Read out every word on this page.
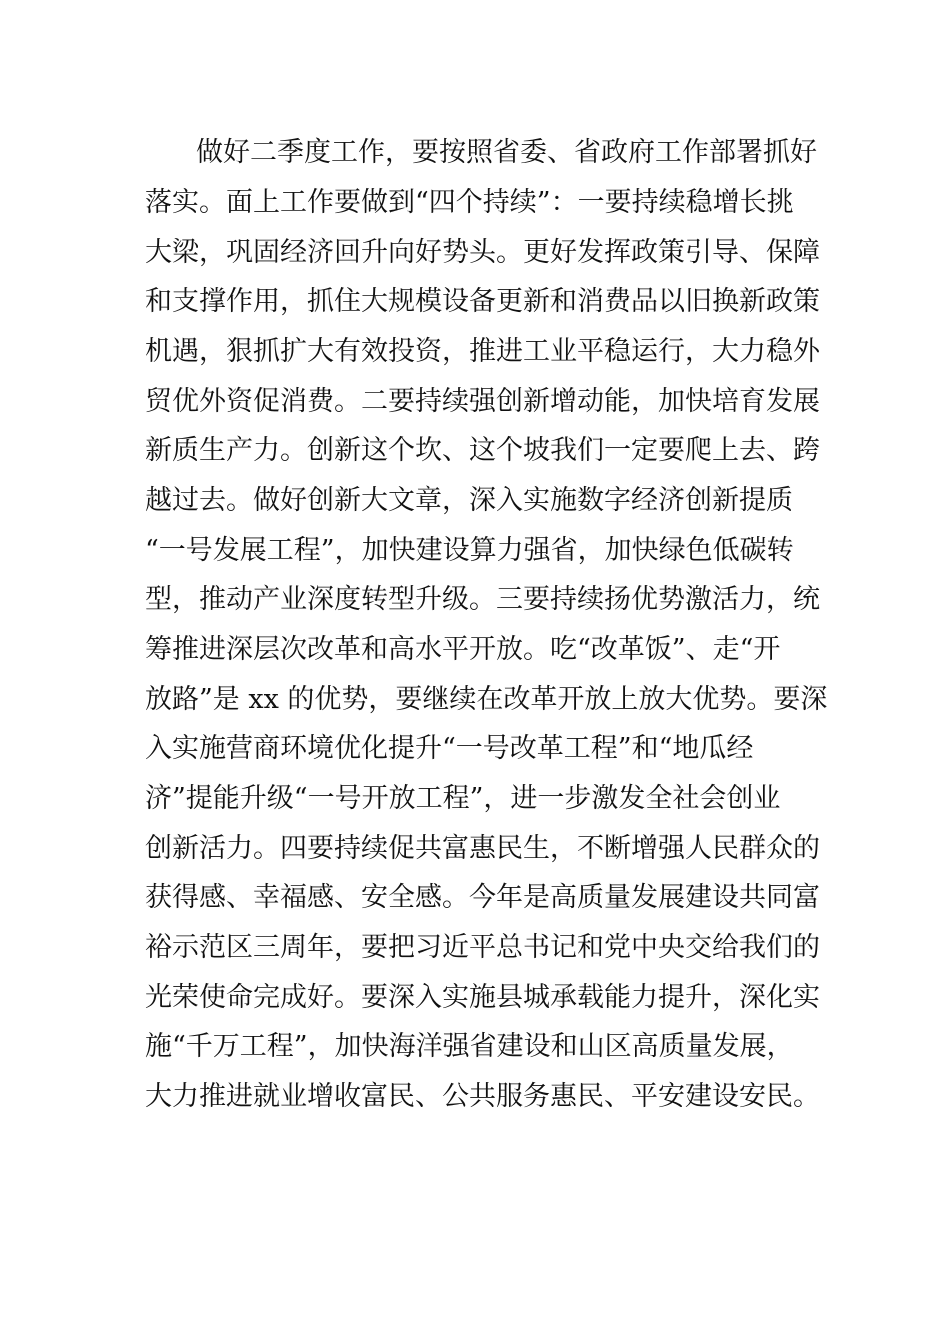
做好二季度工作，要按照省委、省政府工作部署抓好

落实。面上工作要做到“四个持续”：一要持续稳增长挑

大梁，巩固经济回升向好势头。更好发挥政策引导、保障

和支撑作用，抓住大规模设备更新和消费品以旧换新政策

机遇，狠抓扩大有效投资，推进工业平稳运行，大力稳外

贸优外资促消费。二要持续强创新增动能，加快培育发展

新质生产力。创新这个坎、这个坡我们一定要爬上去、跨

越过去。做好创新大文章，深入实施数字经济创新提质

“一号发展工程”，加快建设算力强省，加快绿色低碳转

型，推动产业深度转型升级。三要持续扬优势激活力，统

筹推进深层次改革和高水平开放。吃“改革饭”、走“开

放路”是 xx 的优势，要继续在改革开放上放大优势。要深

入实施营商环境优化提升“一号改革工程”和“地瓜经

济”提能升级“一号开放工程”，进一步激发全社会创业

创新活力。四要持续促共富惠民生，不断增强人民群众的

获得感、幸福感、安全感。今年是高质量发展建设共同富

裕示范区三周年，要把习近平总书记和党中央交给我们的

光荣使命完成好。要深入实施县城承载能力提升，深化实

施“千万工程”，加快海洋强省建设和山区高质量发展，

大力推进就业增收富民、公共服务惠民、平安建设安民。
